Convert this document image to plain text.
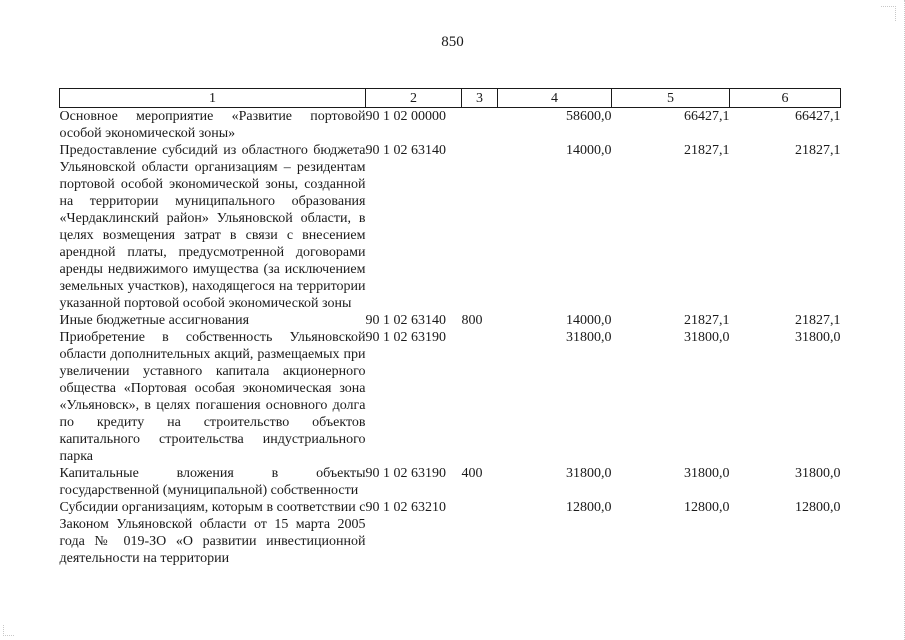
850
1	2	3	4	5	6
Основное мероприятие «Развитие портовой особой экономической зоны»	90 1 02 00000		58600,0	66427,1	66427,1
Предоставление субсидий из областного бюджета Ульяновской области организациям – резидентам портовой особой экономической зоны, созданной на территории муниципального образования «Чердаклинский район» Ульяновской области, в целях возмещения затрат в связи с внесением арендной платы, предусмотренной договорами аренды недвижимого имущества (за исключением земельных участков), находящегося на территории указанной портовой особой экономической зоны	90 1 02 63140		14000,0	21827,1	21827,1
Иные бюджетные ассигнования	90 1 02 63140	800	14000,0	21827,1	21827,1
Приобретение в собственность Ульяновской области дополнительных акций, размещаемых при увеличении уставного капитала акционерного общества «Портовая особая экономическая зона «Ульяновск», в целях погашения основного долга по кредиту на строительство объектов капитального строительства индустриального парка	90 1 02 63190		31800,0	31800,0	31800,0
Капитальные вложения в объекты государственной (муниципальной) собственности	90 1 02 63190	400	31800,0	31800,0	31800,0
Субсидии организациям, которым в соответствии с Законом Ульяновской области от 15 марта 2005 года № 019-ЗО «О развитии инвестиционной деятельности на территории	90 1 02 63210		12800,0	12800,0	12800,0
